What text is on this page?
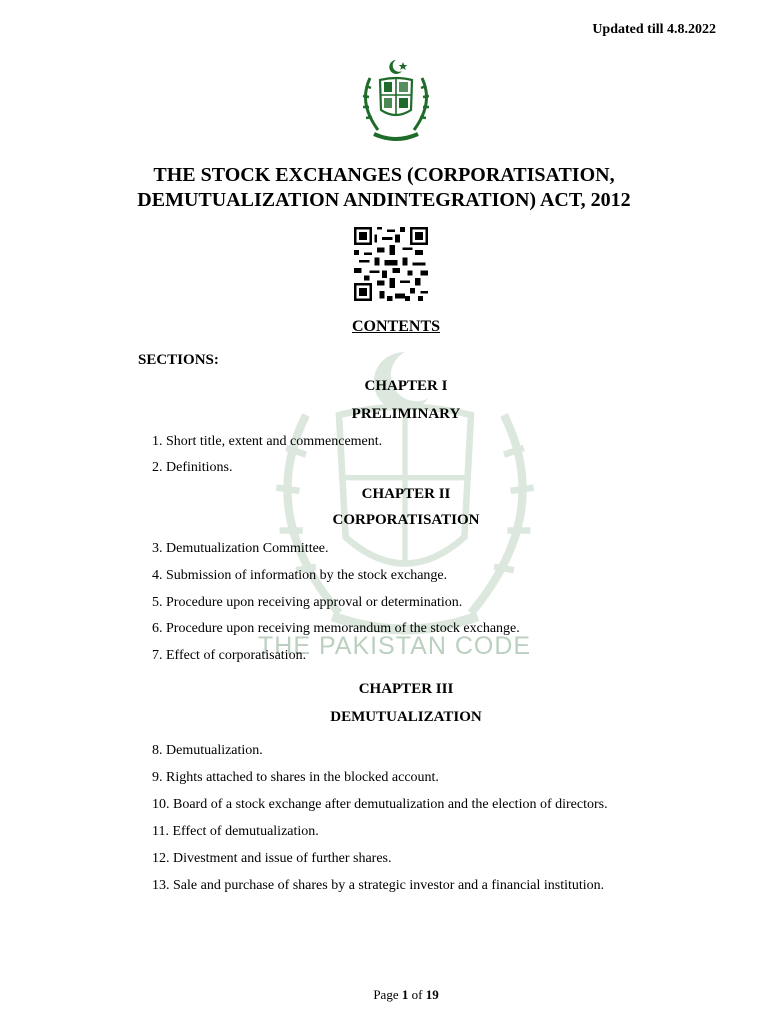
Updated till 4.8.2022
THE PAKISTAN CODE
THE STOCK EXCHANGES (CORPORATISATION,
DEMUTUALIZATION ANDINTEGRATION) ACT, 2012
CONTENTS
SECTIONS:
CHAPTER I
PRELIMINARY
1. Short title, extent and commencement.
2. Definitions.
CHAPTER II
CORPORATISATION
3. Demutualization Committee.
4. Submission of information by the stock exchange.
5. Procedure upon receiving approval or determination.
6. Procedure upon receiving memorandum of the stock exchange.
7. Effect of corporatisation.
CHAPTER III
DEMUTUALIZATION
8. Demutualization.
9. Rights attached to shares in the blocked account.
10. Board of a stock exchange after demutualization and the election of directors.
11. Effect of demutualization.
12. Divestment and issue of further shares.
13. Sale and purchase of shares by a strategic investor and a financial institution.
Page 1 of 19
